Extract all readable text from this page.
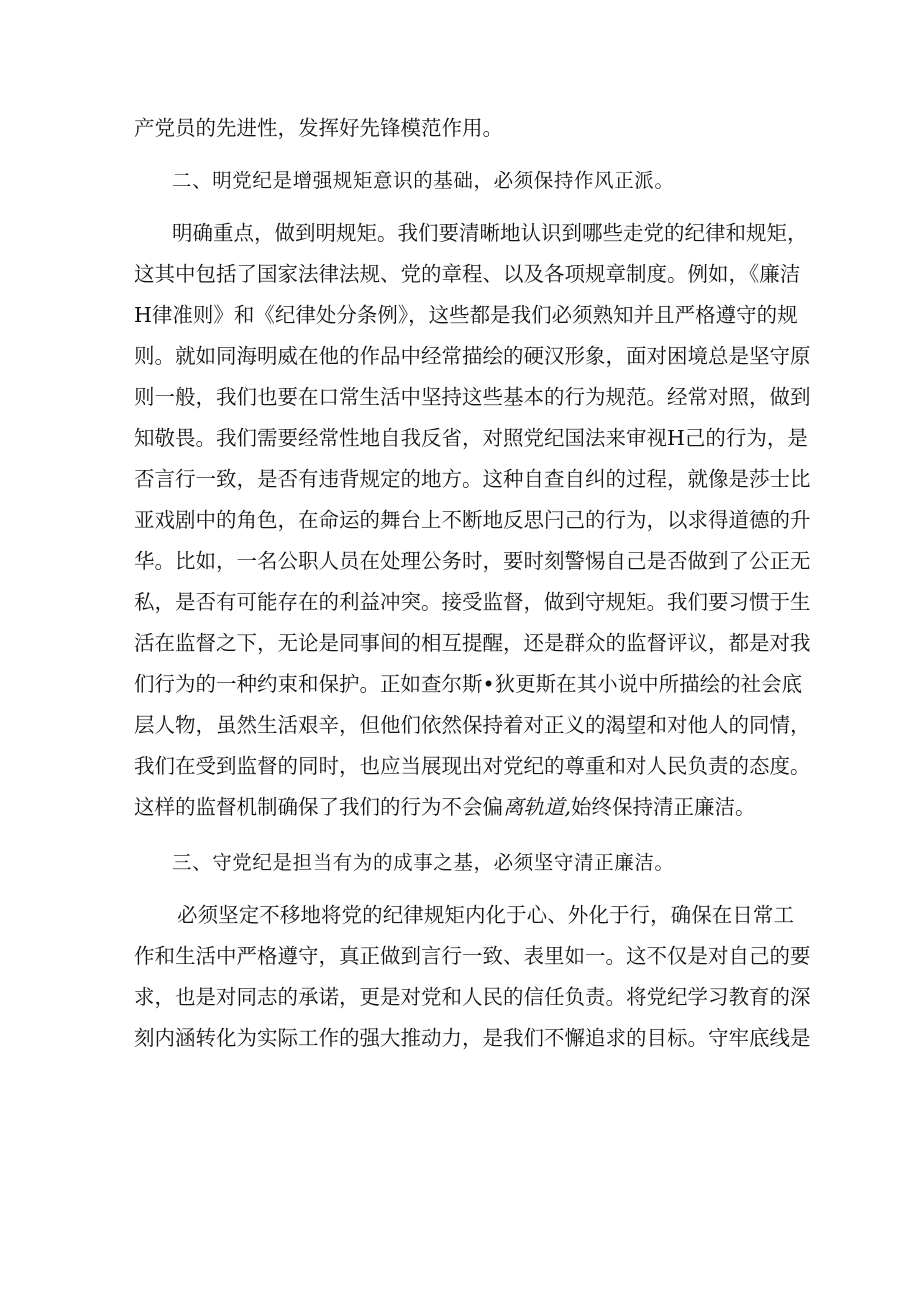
产党员的先进性，发挥好先锋模范作用。
二、明党纪是增强规矩意识的基础，必须保持作风正派。
明确重点，做到明规矩。我们要清晰地认识到哪些走党的纪律和规矩，
这其中包括了国家法律法规、党的章程、以及各项规章制度。例如，《廉洁
H律准则》和《纪律处分条例》，这些都是我们必须熟知并且严格遵守的规
则。就如同海明威在他的作品中经常描绘的硬汉形象，面对困境总是坚守原
则一般，我们也要在口常生活中坚持这些基本的行为规范。经常对照，做到
知敬畏。我们需要经常性地自我反省，对照党纪国法来审视H己的行为，是
否言行一致，是否有违背规定的地方。这种自查自纠的过程，就像是莎士比
亚戏剧中的角色，在命运的舞台上不断地反思闩己的行为，以求得道德的升
华。比如，一名公职人员在处理公务时，要时刻警惕自己是否做到了公正无
私，是否有可能存在的利益冲突。接受监督，做到守规矩。我们要习惯于生
活在监督之下，无论是同事间的相互提醒，还是群众的监督评议，都是对我
们行为的一种约束和保护。正如查尔斯•狄更斯在其小说中所描绘的社会底
层人物，虽然生活艰辛，但他们依然保持着对正义的渴望和对他人的同情，
我们在受到监督的同时，也应当展现出对党纪的尊重和对人民负责的态度。
这样的监督机制确保了我们的行为不会偏离轨道,始终保持清正廉洁。
三、守党纪是担当有为的成事之基，必须坚守清正廉洁。
必须坚定不移地将党的纪律规矩内化于心、外化于行，确保在日常工
作和生活中严格遵守，真正做到言行一致、表里如一。这不仅是对自己的要
求，也是对同志的承诺，更是对党和人民的信任负责。将党纪学习教育的深
刻内涵转化为实际工作的强大推动力，是我们不懈追求的目标。守牢底线是
